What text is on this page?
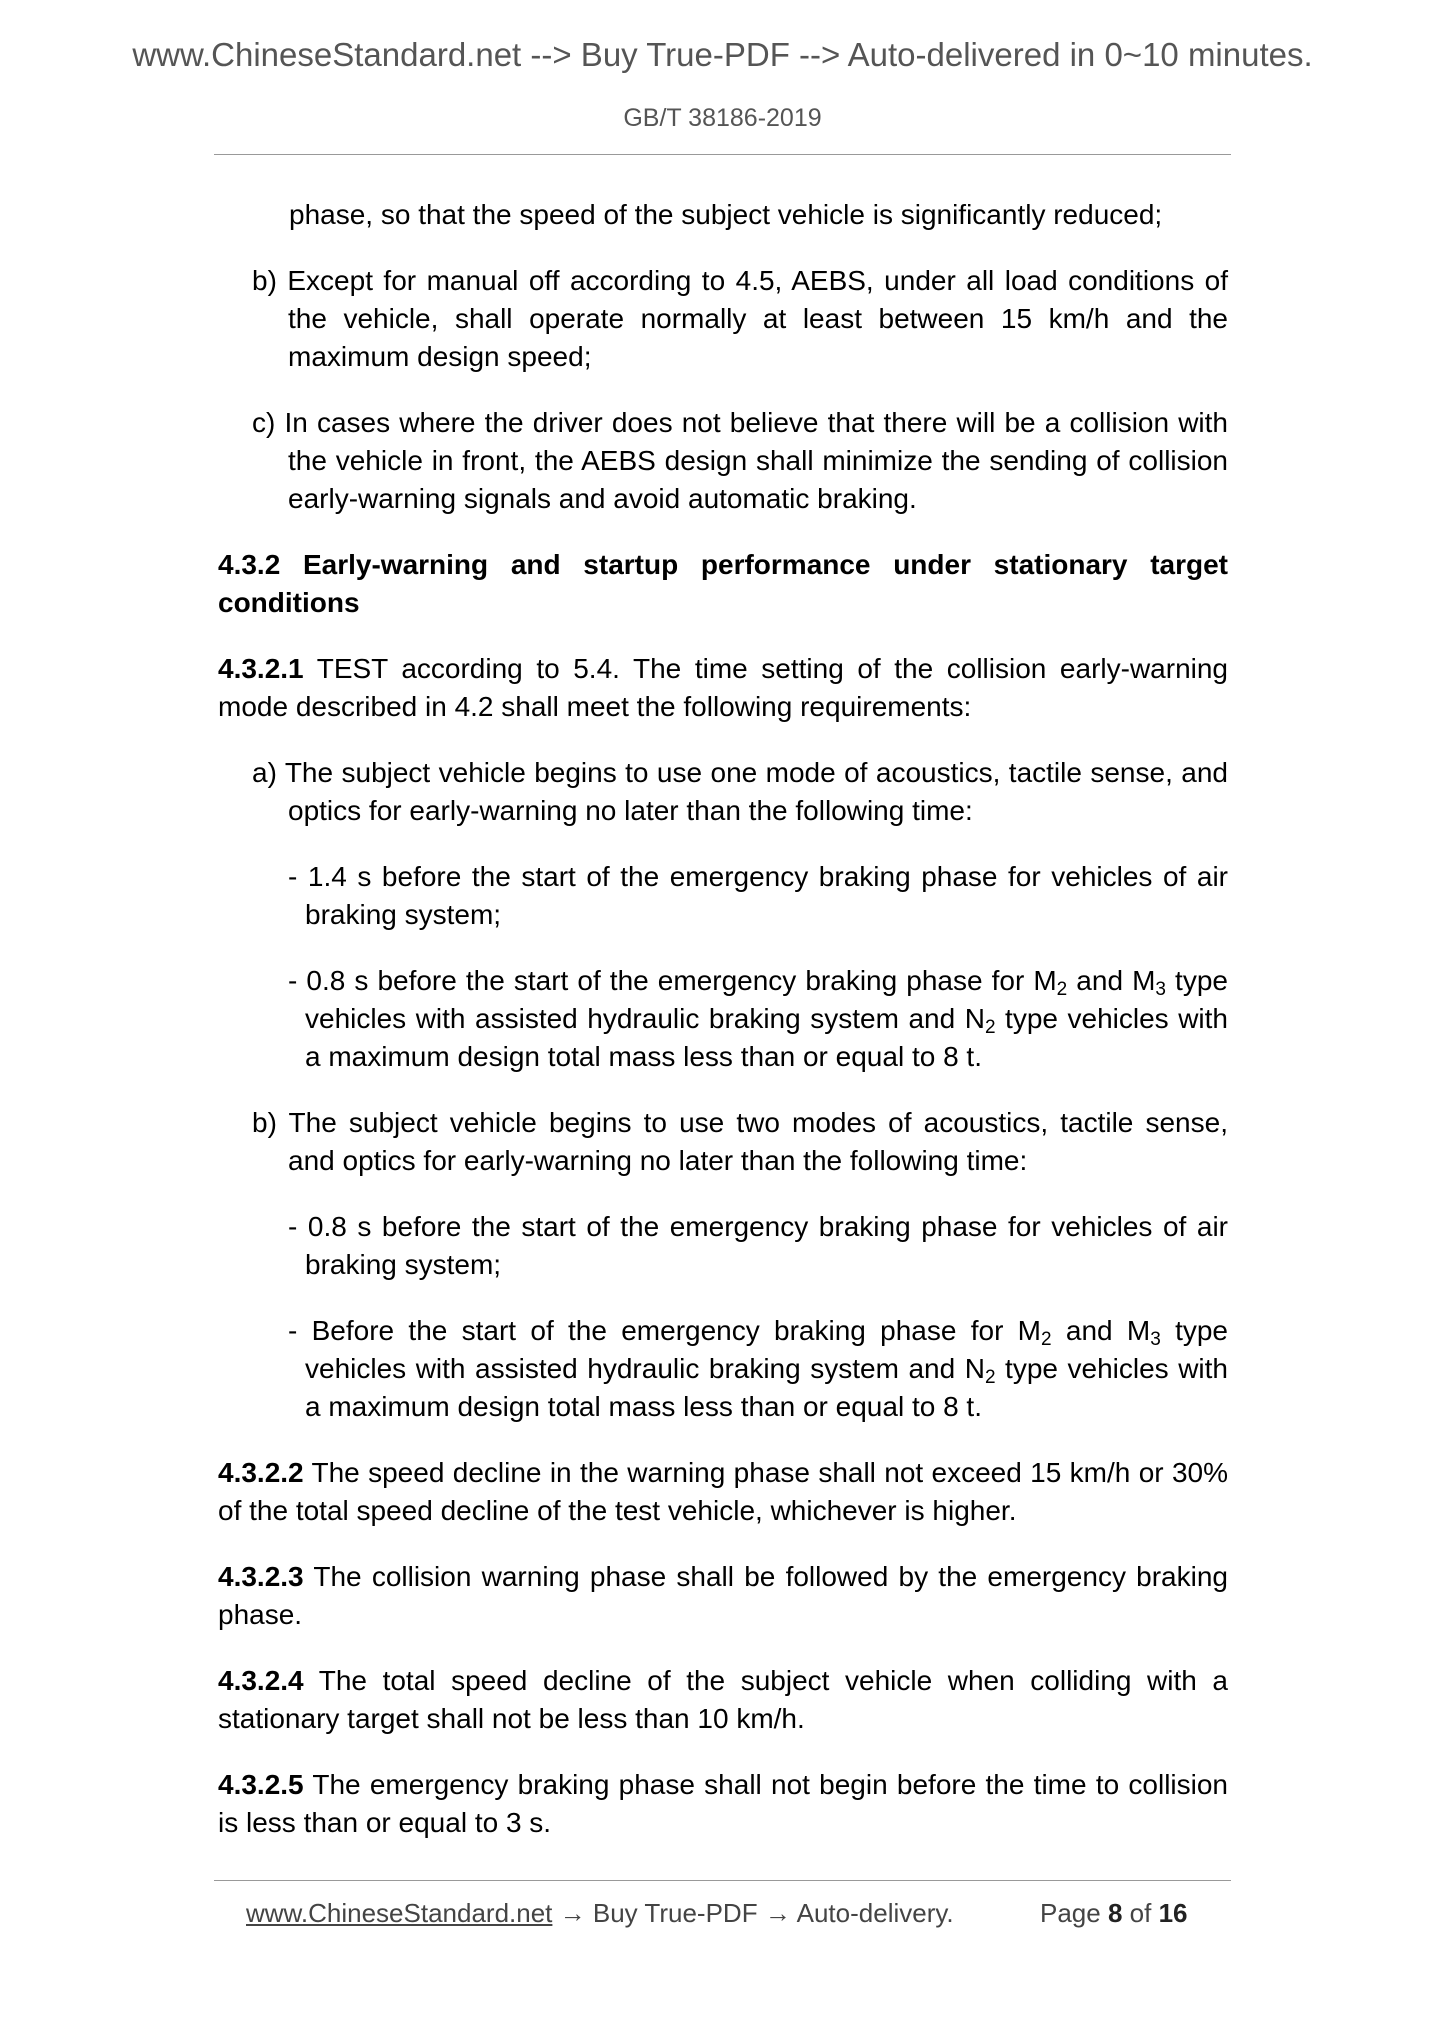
www.ChineseStandard.net --> Buy True-PDF --> Auto-delivered in 0~10 minutes.
GB/T 38186-2019

phase, so that the speed of the subject vehicle is significantly reduced;

b) Except for manual off according to 4.5, AEBS, under all load conditions of the vehicle, shall operate normally at least between 15 km/h and the maximum design speed;

c) In cases where the driver does not believe that there will be a collision with the vehicle in front, the AEBS design shall minimize the sending of collision early-warning signals and avoid automatic braking.

4.3.2 Early-warning and startup performance under stationary target conditions

4.3.2.1 TEST according to 5.4. The time setting of the collision early-warning mode described in 4.2 shall meet the following requirements:

a) The subject vehicle begins to use one mode of acoustics, tactile sense, and optics for early-warning no later than the following time:

- 1.4 s before the start of the emergency braking phase for vehicles of air braking system;

- 0.8 s before the start of the emergency braking phase for $M_2$ and $M_3$ type vehicles with assisted hydraulic braking system and $N_2$ type vehicles with a maximum design total mass less than or equal to 8 t.

b) The subject vehicle begins to use two modes of acoustics, tactile sense, and optics for early-warning no later than the following time:

- 0.8 s before the start of the emergency braking phase for vehicles of air braking system;

- Before the start of the emergency braking phase for $M_2$ and $M_3$ type vehicles with assisted hydraulic braking system and $N_2$ type vehicles with a maximum design total mass less than or equal to 8 t.

4.3.2.2 The speed decline in the warning phase shall not exceed 15 km/h or 30% of the total speed decline of the test vehicle, whichever is higher.

4.3.2.3 The collision warning phase shall be followed by the emergency braking phase.

4.3.2.4 The total speed decline of the subject vehicle when colliding with a stationary target shall not be less than 10 km/h.

4.3.2.5 The emergency braking phase shall not begin before the time to collision is less than or equal to 3 s.

www.ChineseStandard.net → Buy True-PDF → Auto-delivery.	Page 8 of 16
